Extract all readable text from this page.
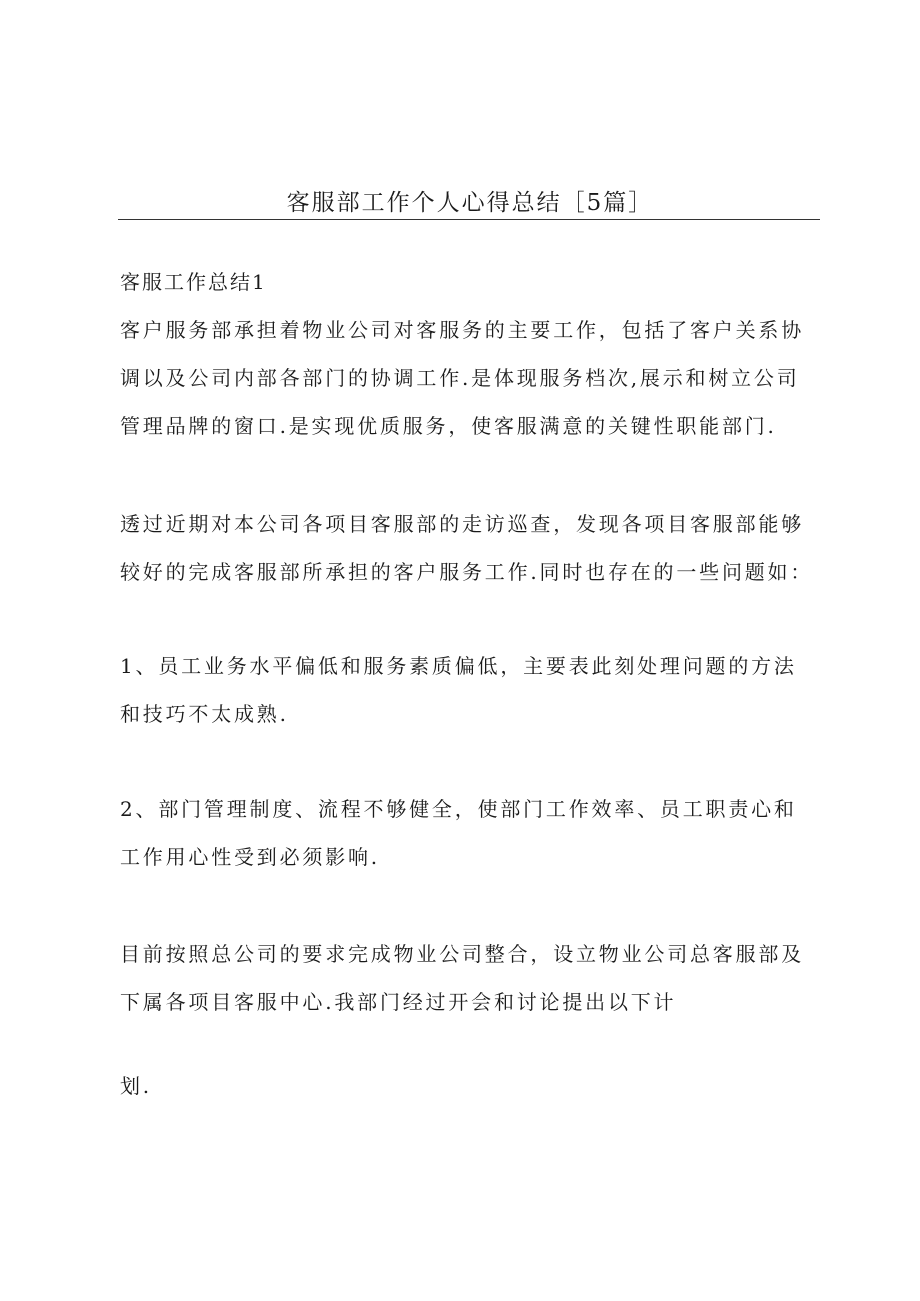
客服部工作个人心得总结［5篇］
客服工作总结1
客户服务部承担着物业公司对客服务的主要工作，包括了客户关系协
调以及公司内部各部门的协调工作.是体现服务档次,展示和树立公司
管理品牌的窗口.是实现优质服务，使客服满意的关键性职能部门.
透过近期对本公司各项目客服部的走访巡查，发现各项目客服部能够
较好的完成客服部所承担的客户服务工作.同时也存在的一些问题如：
1、员工业务水平偏低和服务素质偏低，主要表此刻处理问题的方法
和技巧不太成熟.
2、部门管理制度、流程不够健全，使部门工作效率、员工职责心和
工作用心性受到必须影响.
目前按照总公司的要求完成物业公司整合，设立物业公司总客服部及
下属各项目客服中心.我部门经过开会和讨论提出以下计
划.
